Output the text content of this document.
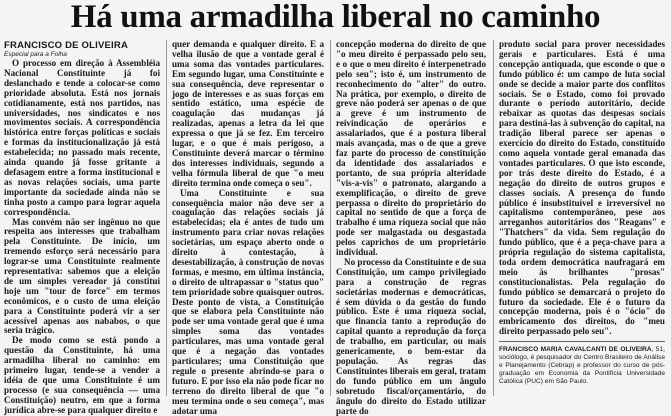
Há uma armadilha liberal no caminho

FRANCISCO DE OLIVEIRA

Especial para a Folha

O processo em direção à Assembléia Nacional Constituinte já foi deslanchado e tende a colocar-se como prioridade absoluta. Está nos jornais cotidianamente, está nos partidos, nas universidades, nos sindicatos e nos movimentos sociais. A correspondência histórica entre forças políticas e sociais e formas da institucionalização já está estabelecida; no passado mais recente, ainda quando já fosse gritante a defasagem entre a forma institucional e as novas relações sociais, uma parte importante da sociedade ainda não se tinha posto a campo para lograr aquela correspondência.

Mas convém não ser ingênuo no que respeita aos interesses que trabalham pela Constituinte. De início, um tremendo esforço será necessário para lograr-se uma Constituinte realmente representativa: sabemos que a eleição de um simples vereador já constitui hoje um "tour de force" em termos econômicos, e o custo de uma eleição para a Constituinte poderá vir a ser acessível apenas aos nababos, o que seria trágico.

De modo como se está pondo a questão da Constituinte, há uma armadilha liberal no caminho: em primeiro lugar, tende-se a vender a idéia de que uma Constituinte é um processo (e sua consequência — uma Constituição) neutro, em que a forma jurídica abre-se para qualquer direito e

quer demanda e qualquer direito. E a velha ilusão de que a vontade geral é uma soma das vontades particulares. Em segundo lugar, uma Constituinte e sua consequência, deve representar o jogo de interesses e as suas forças em sentido estático, uma espécie de coagulação das mudanças já realizadas, apenas a letra da lei que expressa o que já se fez. Em terceiro lugar, e o que é mais perigoso, a Constituinte deverá marcar o término dos interesses individuais, segundo a velha fórmula liberal de que "o meu direito termina onde começa o seu".

Uma Constituinte e sua consequência maior não deve ser a coagulação das relações sociais já estabelecidas; ela é antes de tudo um instrumento para criar novas relações societárias, um espaço aberto onde o direito à contestação, à desestabilização, à construção de novas formas, e mesmo, em última instância, o direito de ultrapassar o "status quo" tem prioridade sobre quaisquer outros. Deste ponto de vista, a Constituição que se elabora pela Constituinte não pode ser uma vontade geral que é uma simples soma das vontades particulares, mas uma vontade geral que é a negação das vontades particulares; uma Constituição que regule o presente abrindo-se para o futuro. E por isso ela não pode ficar no terreno do direito liberal de que "o meu termina onde o seu começa", mas adotar uma

concepção moderna do direito de que "o meu direito é perpassado pelo seu, e o que o meu direito é interpenetrado pelo seu"; isto é, um instrumento de reconhecimento do "alter" do outro. Na prática, por exemplo, o direito de greve não poderá ser apenas o de que a greve é um instrumento de reivindicação de operários e assalariados, que é a postura liberal mais avançada, mas o de que a greve faz parte do processo de constituição da identidade dos assalariados e portanto, de sua própria alteridade "vis-a-vis" o patronato, alargando a exemplificação, o direito de greve perpassa o direito do proprietário do capital no sentido de que a força de trabalho é uma riqueza social que não pode ser malgastada ou desgastada pelos caprichos de um proprietário individual.

No processo da Constituinte e de sua Constituição, um campo privilegiado para a construção de regras societárias modernas e democráticas, é sem dúvida o da gestão do fundo público. Este é uma riqueza social, que financia tanto a reprodução do capital quanto a reprodução da força de trabalho, em particular, ou mais genericamente, o bem-estar da população. As regras das Constituintes liberais em geral, tratam do fundo público em um ângulo sobretudo fiscal/orçamentário, do ângulo do direito do Estado utilizar parte do

produto social para prover necessidades gerais e particulares. Está é uma concepção antiquada, que esconde o que o fundo público é: um campo de luta social onde se decide a maior parte dos conflitos sociais. Se o Estado, como foi provado durante o período autoritário, decide rebaixar as quotas das despesas sociais para destiná-las à subvenção do capital, na tradição liberal parece ser apenas o exercício do direito do Estado, constituído como aquela vontade geral emanada das vontades particulares. O que isto esconde, por trás deste direito do Estado, é a negação do direito de outros grupos e classes sociais. A presença do fundo público é insubstituível e irreversível no capitalismo contemporâneo, pese aos arreganhos autoritários dos "Reagans" e "Thatchers" da vida. Sem regulação do fundo público, que é a peça-chave para a própria regulação do sistema capitalista, toda ordem democrática naufragará em meio às brilhantes "prosas" constitucionalistas. Pela regulação do fundo público se demarcará o projeto do futuro da sociedade. Ele é o futuro da concepção moderna, pois é o "ócio" do embricamento dos direitos, do "meu direito perpassado pelo seu".

FRANCISCO MARIA CAVALCANTI DE OLIVEIRA, 51, sociólogo, é pesquisador do Centro Brasileiro de Análise e Planejamento (Cebrap) e professor do curso de pós-graduação em Economia da Pontifícia Universidade Católica (PUC) em São Paulo.
